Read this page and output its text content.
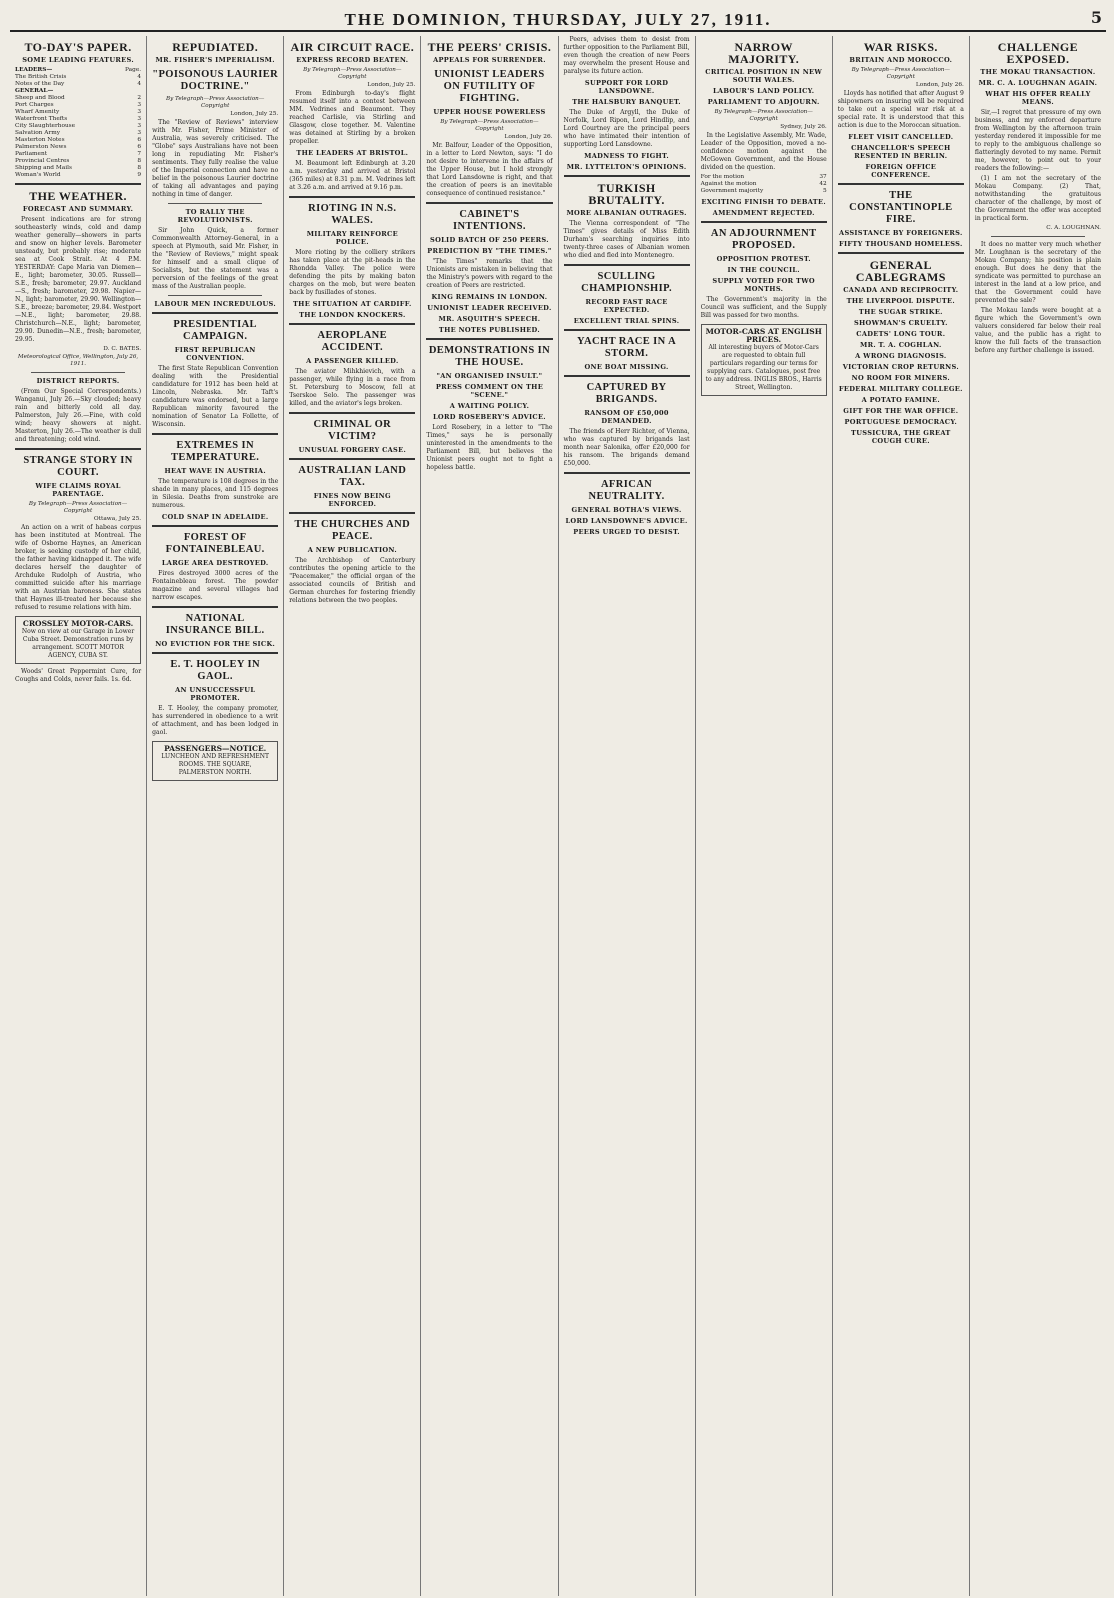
THE DOMINION, THURSDAY, JULY 27, 1911.	5
TO-DAY'S PAPER.
SOME LEADING FEATURES.
LEADERS—	Page.
The British Crisis	4
Notes of the Day	4
GENERAL—
Sheep and Blood	2
Port Charges	3
Wharf Amenity	3
Waterfront Thefts	3
City Slaughterhouse	3
Salvation Army	3
Masterton Notes	6
Palmerston News	6
Parliament	7
Provincial Centres	8
Shipping and Mails	8
Woman's World	9
THE WEATHER.
FORECAST AND SUMMARY.

Present indications are for strong southeasterly winds, cold and damp weather generally—showers in parts and snow on higher levels. Barometer unsteady, but probably rise; moderate sea at Cook Strait. At 4 P.M. YESTERDAY: Cape Maria van Diemen—E., light; barometer, 30.05. Russell—S.E., fresh; barometer, 29.97. Auckland—S., fresh; barometer, 29.98. Napier—N., light; barometer, 29.90. Wellington—S.E., breeze; barometer, 29.84. Westport—N.E., light; barometer, 29.88. Christchurch—N.E., light; barometer, 29.90. Dunedin—N.E., fresh; barometer, 29.95.

D. C. BATES.
Meteorological Office, Wellington, July 26, 1911.
DISTRICT REPORTS.

(From Our Special Correspondents.) Wanganui, July 26.—Sky clouded; heavy rain and bitterly cold all day. Palmerston, July 26.—Fine, with cold wind; heavy showers at night. Masterton, July 26.—The weather is dull and threatening; cold wind.

STRANGE STORY IN COURT.
WIFE CLAIMS ROYAL PARENTAGE.
By Telegraph—Press Association—Copyright
Ottawa, July 25.

An action on a writ of habeas corpus has been instituted at Montreal. The wife of Osborne Haynes, an American broker, is seeking custody of her child, the father having kidnapped it. The wife declares herself the daughter of Archduke Rudolph of Austria, who committed suicide after his marriage with an Austrian baroness. She states that Haynes ill-treated her because she refused to resume relations with him.

CROSSLEY MOTOR-CARS.
Now on view at our Garage in Lower Cuba Street. Demonstration runs by arrangement. SCOTT MOTOR AGENCY, CUBA ST.

Woods' Great Peppermint Cure, for Coughs and Colds, never fails. 1s. 6d.

REPUDIATED.
MR. FISHER'S IMPERIALISM.
"POISONOUS LAURIER DOCTRINE."
By Telegraph—Press Association—Copyright
London, July 25.

The "Review of Reviews" interview with Mr. Fisher, Prime Minister of Australia, was severely criticised. The "Globe" says Australians have not been long in repudiating Mr. Fisher's sentiments. They fully realise the value of the Imperial connection and have no belief in the poisonous Laurier doctrine of taking all advantages and paying nothing in time of danger.

TO RALLY THE REVOLUTIONISTS.

Sir John Quick, a former Commonwealth Attorney-General, in a speech at Plymouth, said Mr. Fisher, in the "Review of Reviews," might speak for himself and a small clique of Socialists, but the statement was a perversion of the feelings of the great mass of the Australian people.

LABOUR MEN INCREDULOUS.
PRESIDENTIAL CAMPAIGN.
FIRST REPUBLICAN CONVENTION.

The first State Republican Convention dealing with the Presidential candidature for 1912 has been held at Lincoln, Nebraska. Mr. Taft's candidature was endorsed, but a large Republican minority favoured the nomination of Senator La Follette, of Wisconsin.

EXTREMES IN TEMPERATURE.
HEAT WAVE IN AUSTRIA.

The temperature is 108 degrees in the shade in many places, and 115 degrees in Silesia. Deaths from sunstroke are numerous.

COLD SNAP IN ADELAIDE.
FOREST OF FONTAINEBLEAU.
LARGE AREA DESTROYED.

Fires destroyed 3000 acres of the Fontainebleau forest. The powder magazine and several villages had narrow escapes.

NATIONAL INSURANCE BILL.
NO EVICTION FOR THE SICK.
E. T. HOOLEY IN GAOL.
AN UNSUCCESSFUL PROMOTER.

E. T. Hooley, the company promoter, has surrendered in obedience to a writ of attachment, and has been lodged in gaol.

PASSENGERS—NOTICE.
LUNCHEON AND REFRESHMENT ROOMS. THE SQUARE, PALMERSTON NORTH.
AIR CIRCUIT RACE.
EXPRESS RECORD BEATEN.
By Telegraph—Press Association—Copyright
London, July 25.

From Edinburgh to-day's flight resumed itself into a contest between MM. Vedrines and Beaumont. They reached Carlisle, via Stirling and Glasgow, close together. M. Valentine was detained at Stirling by a broken propeller.

THE LEADERS AT BRISTOL.

M. Beaumont left Edinburgh at 3.20 a.m. yesterday and arrived at Bristol (365 miles) at 8.31 p.m. M. Vedrines left at 3.26 a.m. and arrived at 9.16 p.m.

RIOTING IN N.S. WALES.
MILITARY REINFORCE POLICE.

More rioting by the colliery strikers has taken place at the pit-heads in the Rhondda Valley. The police were defending the pits by making baton charges on the mob, but were beaten back by fusillades of stones.

THE SITUATION AT CARDIFF.
THE LONDON KNOCKERS.
AEROPLANE ACCIDENT.
A PASSENGER KILLED.

The aviator Mihkhievich, with a passenger, while flying in a race from St. Petersburg to Moscow, fell at Tserskoe Selo. The passenger was killed, and the aviator's legs broken.

CRIMINAL OR VICTIM?
UNUSUAL FORGERY CASE.
AUSTRALIAN LAND TAX.
FINES NOW BEING ENFORCED.
THE CHURCHES AND PEACE.
A NEW PUBLICATION.

The Archbishop of Canterbury contributes the opening article to the "Peacemaker," the official organ of the associated councils of British and German churches for fostering friendly relations between the two peoples.

THE PEERS' CRISIS.
APPEALS FOR SURRENDER.
UNIONIST LEADERS ON FUTILITY OF FIGHTING.
UPPER HOUSE POWERLESS
By Telegraph—Press Association—Copyright
London, July 26.

Mr. Balfour, Leader of the Opposition, in a letter to Lord Newton, says: "I do not desire to intervene in the affairs of the Upper House, but I hold strongly that Lord Lansdowne is right, and that the creation of peers is an inevitable consequence of continued resistance."

CABINET'S INTENTIONS.
SOLID BATCH OF 250 PEERS.
PREDICTION BY "THE TIMES."

"The Times" remarks that the Unionists are mistaken in believing that the Ministry's powers with regard to the creation of Peers are restricted.

KING REMAINS IN LONDON.
UNIONIST LEADER RECEIVED.
MR. ASQUITH'S SPEECH.
THE NOTES PUBLISHED.
DEMONSTRATIONS IN THE HOUSE.
"AN ORGANISED INSULT."
PRESS COMMENT ON THE "SCENE."
A WAITING POLICY.
LORD ROSEBERY'S ADVICE.

Lord Rosebery, in a letter to "The Times," says he is personally uninterested in the amendments to the Parliament Bill, but believes the Unionist peers ought not to fight a hopeless battle.

Peers, advises them to desist from further opposition to the Parliament Bill, even though the creation of new Peers may overwhelm the present House and paralyse its future action.

SUPPORT FOR LORD LANSDOWNE.
THE HALSBURY BANQUET.

The Duke of Argyll, the Duke of Norfolk, Lord Ripon, Lord Hindlip, and Lord Courtney are the principal peers who have intimated their intention of supporting Lord Lansdowne.

MADNESS TO FIGHT.
MR. LYTTELTON'S OPINIONS.
TURKISH BRUTALITY.
MORE ALBANIAN OUTRAGES.

The Vienna correspondent of "The Times" gives details of Miss Edith Durham's searching inquiries into twenty-three cases of Albanian women who died and fled into Montenegro.

SCULLING CHAMPIONSHIP.
RECORD FAST RACE EXPECTED.
EXCELLENT TRIAL SPINS.
YACHT RACE IN A STORM.
ONE BOAT MISSING.
CAPTURED BY BRIGANDS.
RANSOM OF £50,000 DEMANDED.

The friends of Herr Richter, of Vienna, who was captured by brigands last month near Salonika, offer £20,000 for his ransom. The brigands demand £50,000.

AFRICAN NEUTRALITY.
GENERAL BOTHA'S VIEWS.
LORD LANSDOWNE'S ADVICE.
PEERS URGED TO DESIST.
NARROW MAJORITY.
CRITICAL POSITION IN NEW SOUTH WALES.
LABOUR'S LAND POLICY.
PARLIAMENT TO ADJOURN.
By Telegraph—Press Association—Copyright
Sydney, July 26.

In the Legislative Assembly, Mr. Wade, Leader of the Opposition, moved a no-confidence motion against the McGowen Government, and the House divided on the question.

For the motion	37
Against the motion	42
Government majority	5
EXCITING FINISH TO DEBATE.
AMENDMENT REJECTED.
AN ADJOURNMENT PROPOSED.
OPPOSITION PROTEST.
IN THE COUNCIL.
SUPPLY VOTED FOR TWO MONTHS.

The Government's majority in the Council was sufficient, and the Supply Bill was passed for two months.

MOTOR-CARS AT ENGLISH PRICES.
All interesting buyers of Motor-Cars are requested to obtain full particulars regarding our terms for supplying cars. Catalogues, post free to any address. INGLIS BROS., Harris Street, Wellington.
WAR RISKS.
BRITAIN AND MOROCCO.
By Telegraph—Press Association—Copyright
London, July 26.

Lloyds has notified that after August 9 shipowners on insuring will be required to take out a special war risk at a special rate. It is understood that this action is due to the Moroccan situation.

FLEET VISIT CANCELLED.
CHANCELLOR'S SPEECH RESENTED IN BERLIN.
FOREIGN OFFICE CONFERENCE.
THE CONSTANTINOPLE FIRE.
ASSISTANCE BY FOREIGNERS.
FIFTY THOUSAND HOMELESS.
GENERAL CABLEGRAMS
CANADA AND RECIPROCITY.
THE LIVERPOOL DISPUTE.
THE SUGAR STRIKE.
SHOWMAN'S CRUELTY.
CADETS' LONG TOUR.
MR. T. A. COGHLAN.
A WRONG DIAGNOSIS.
VICTORIAN CROP RETURNS.
NO ROOM FOR MINERS.
FEDERAL MILITARY COLLEGE.
A POTATO FAMINE.
GIFT FOR THE WAR OFFICE.
PORTUGUESE DEMOCRACY.
TUSSICURA, THE GREAT COUGH CURE.
CHALLENGE EXPOSED.
THE MOKAU TRANSACTION.
MR. C. A. LOUGHNAN AGAIN.
WHAT HIS OFFER REALLY MEANS.

Sir,—I regret that pressure of my own business, and my enforced departure from Wellington by the afternoon train yesterday rendered it impossible for me to reply to the ambiguous challenge so flatteringly devoted to my name. Permit me, however, to point out to your readers the following:—

(1) I am not the secretary of the Mokau Company. (2) That, notwithstanding the gratuitous character of the challenge, by most of the Government the offer was accepted in practical form.

C. A. LOUGHNAN.

It does no matter very much whether Mr. Loughnan is the secretary of the Mokau Company; his position is plain enough. But does he deny that the syndicate was permitted to purchase an interest in the land at a low price, and that the Government could have prevented the sale?

The Mokau lands were bought at a figure which the Government's own valuers considered far below their real value, and the public has a right to know the full facts of the transaction before any further challenge is issued.
